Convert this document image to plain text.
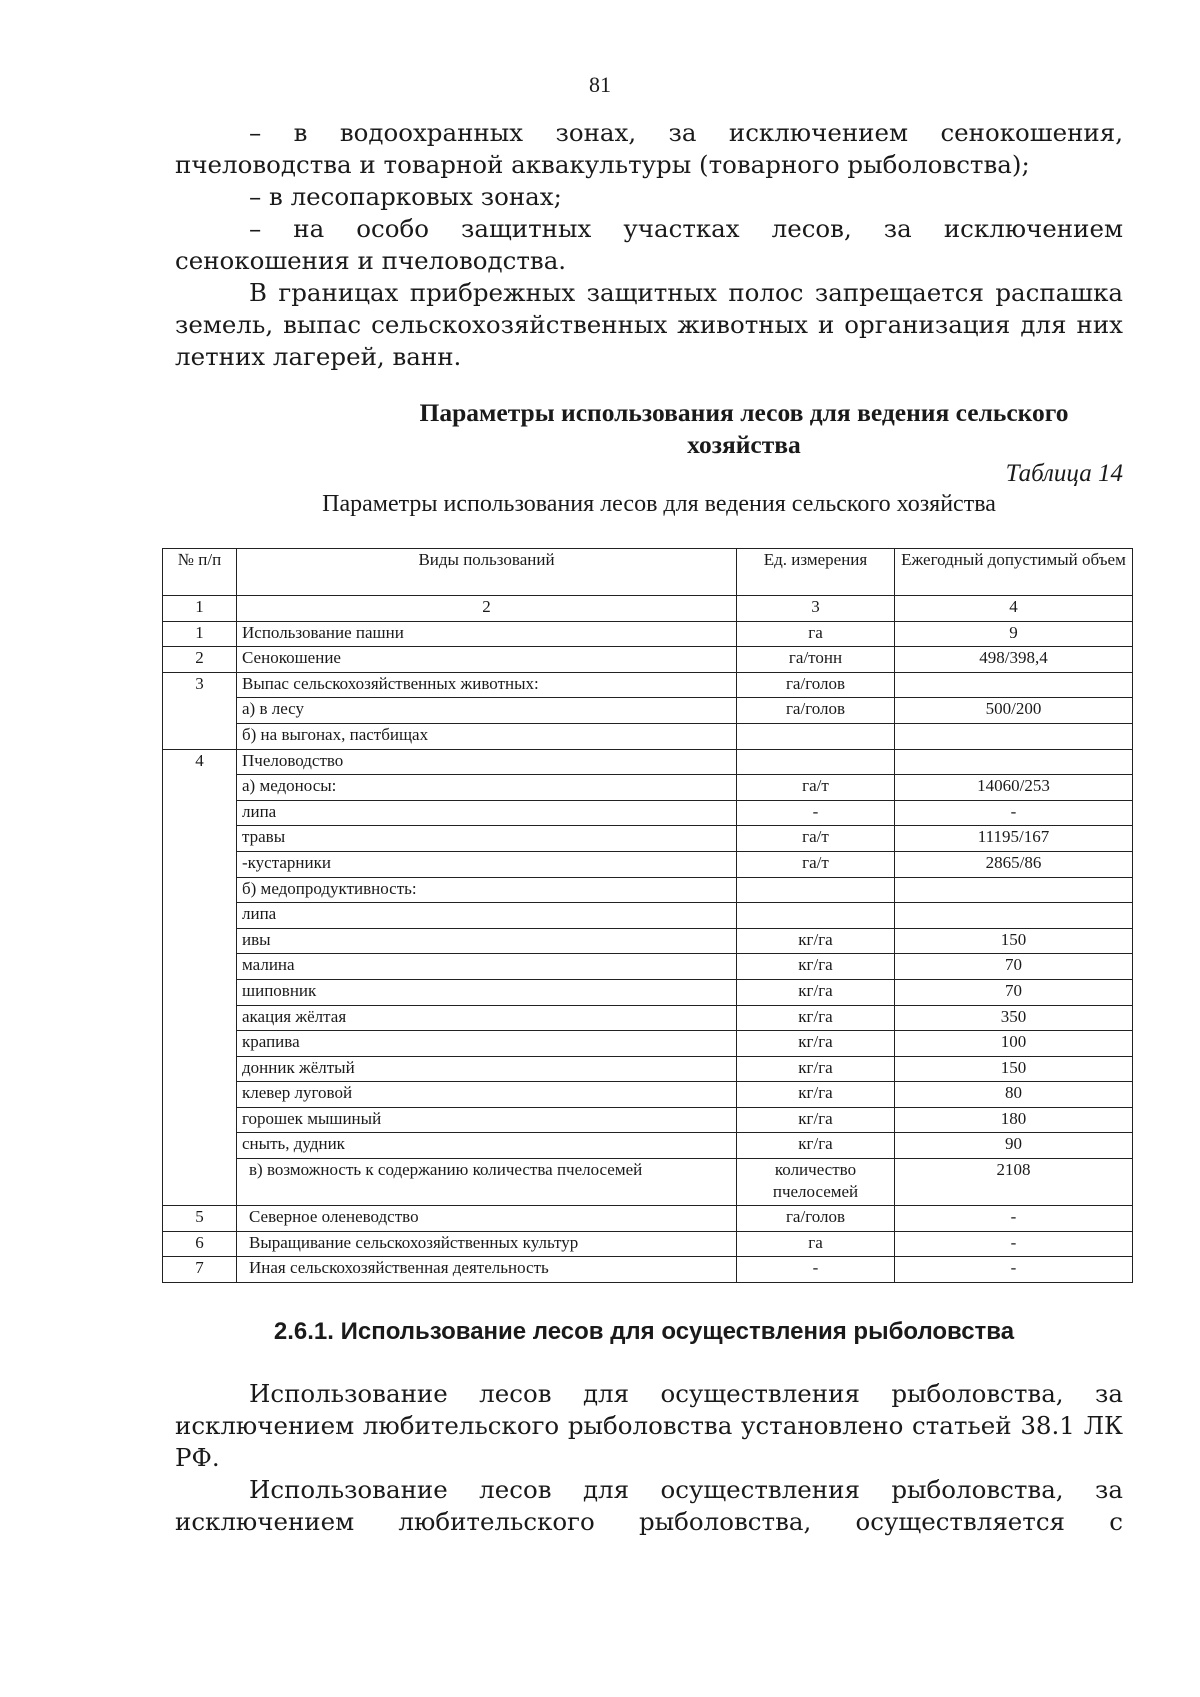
81

– в водоохранных зонах, за исключением сенокошения, пчеловодства и товарной аквакультуры (товарного рыболовства);

– в лесопарковых зонах;

– на особо защитных участках лесов, за исключением сенокошения и пчеловодства.

В границах прибрежных защитных полос запрещается распашка земель, выпас сельскохозяйственных животных и организация для них летних лагерей, ванн.

Параметры использования лесов для ведения сельского хозяйства
Таблица 14
Параметры использования лесов для ведения сельского хозяйства
№ п/п	Виды пользований	Ед. измерения	Ежегодный допустимый объем
1	2	3	4
1	Использование пашни	га	9
2	Сенокошение	га/тонн	498/398,4
3	Выпас сельскохозяйственных животных:	га/голов	
	а) в лесу	га/голов	500/200
	б) на выгонах, пастбищах		
4	Пчеловодство		
	а) медоносы:	га/т	14060/253
	липа	-	-
	травы	га/т	11195/167
	-кустарники	га/т	2865/86
	б) медопродуктивность:		
	липа		
	ивы	кг/га	150
	малина	кг/га	70
	шиповник	кг/га	70
	акация жёлтая	кг/га	350
	крапива	кг/га	100
	донник жёлтый	кг/га	150
	клевер луговой	кг/га	80
	горошек мышиный	кг/га	180
	сныть, дудник	кг/га	90
	в) возможность к содержанию количества пчелосемей	количество пчелосемей	2108
5	Северное оленеводство	га/голов	-
6	Выращивание сельскохозяйственных культур	га	-
7	Иная сельскохозяйственная деятельность	-	-
2.6.1. Использование лесов для осуществления рыболовства

Использование лесов для осуществления рыболовства, за исключением любительского рыболовства установлено статьей 38.1 ЛК РФ.

Использование лесов для осуществления рыболовства, за исключением любительского рыболовства, осуществляется с
